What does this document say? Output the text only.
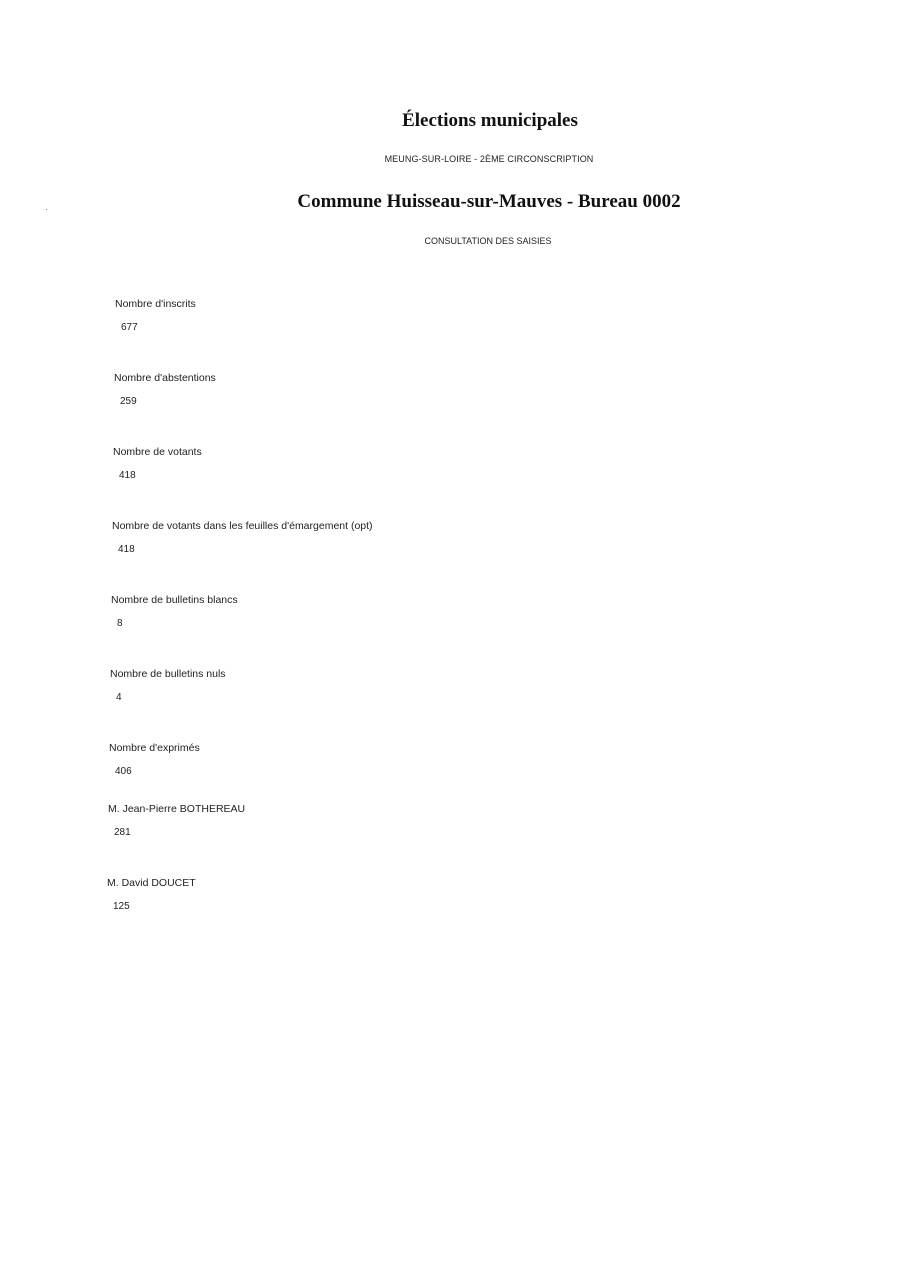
Élections municipales
MEUNG-SUR-LOIRE - 2ÈME CIRCONSCRIPTION
Commune Huisseau-sur-Mauves - Bureau 0002
CONSULTATION DES SAISIES
Nombre d'inscrits
677
Nombre d'abstentions
259
Nombre de votants
418
Nombre de votants dans les feuilles d'émargement (opt)
418
Nombre de bulletins blancs
8
Nombre de bulletins nuls
4
Nombre d'exprimés
406
M. Jean-Pierre BOTHEREAU
281
M. David DOUCET
125
